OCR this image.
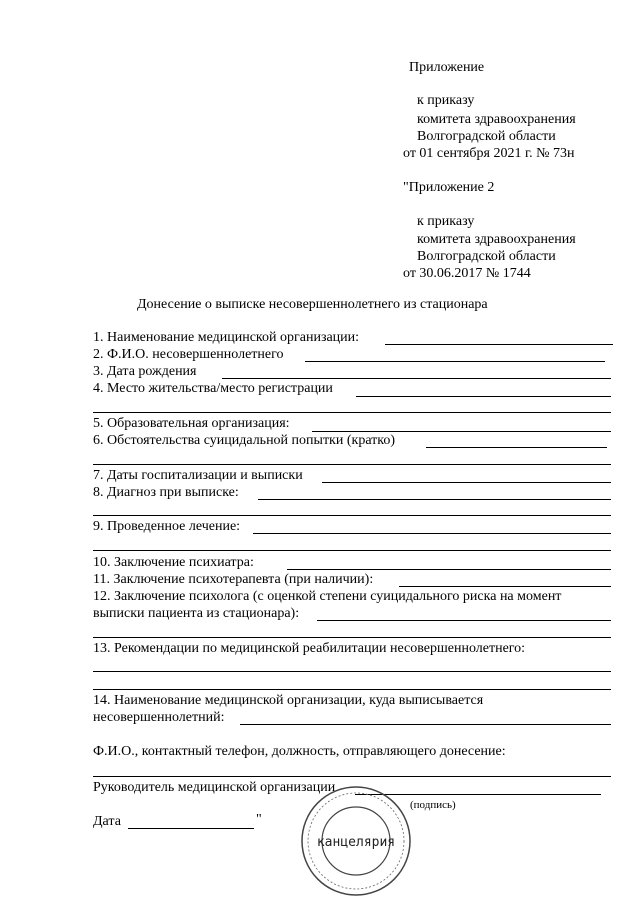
Приложение
к приказу
комитета здравоохранения
Волгоградской области
от 01 сентября 2021 г. № 73н
"Приложение 2
к приказу
комитета здравоохранения
Волгоградской области
от 30.06.2017 № 1744
Донесение о выписке несовершеннолетнего из стационара
1. Наименование медицинской организации:
2. Ф.И.О. несовершеннолетнего
3. Дата рождения
4. Место жительства/место регистрации
5. Образовательная организация:
6. Обстоятельства суицидальной попытки (кратко)
7. Даты госпитализации и выписки
8. Диагноз при выписке:
9. Проведенное лечение:
10. Заключение психиатра:
11. Заключение психотерапевта (при наличии):
12. Заключение психолога (с оценкой степени суицидального риска на момент
выписки пациента из стационара):
13. Рекомендации по медицинской реабилитации несовершеннолетнего:
14. Наименование медицинской организации, куда выписывается
несовершеннолетний:
Ф.И.О., контактный телефон, должность, отправляющего донесение:
Руководитель медицинской организации
(подпись)
Дата	"
канцелярия
